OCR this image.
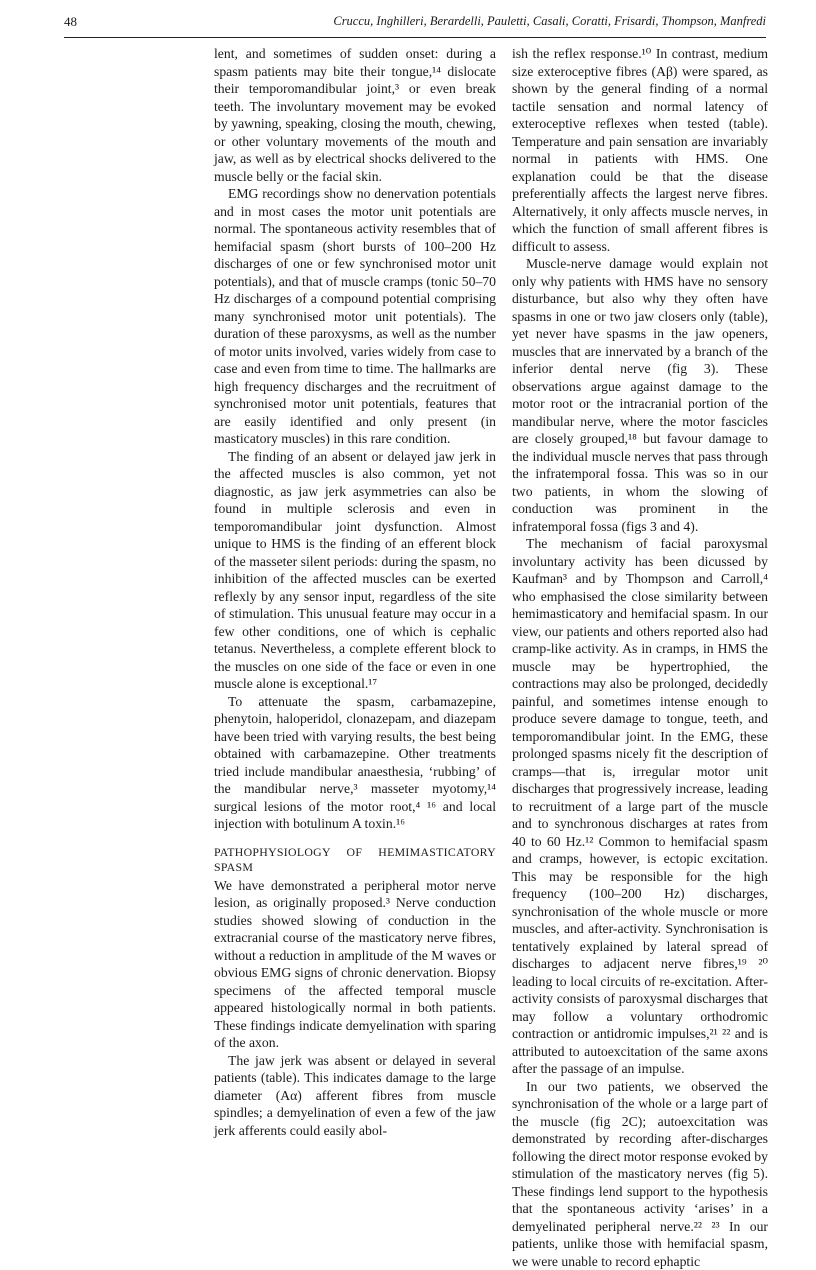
48	Cruccu, Inghilleri, Berardelli, Pauletti, Casali, Coratti, Frisardi, Thompson, Manfredi

lent, and sometimes of sudden onset: during a spasm patients may bite their tongue,¹⁴ dislocate their temporomandibular joint,³ or even break teeth. The involuntary movement may be evoked by yawning, speaking, closing the mouth, chewing, or other voluntary movements of the mouth and jaw, as well as by electrical shocks delivered to the muscle belly or the facial skin.

EMG recordings show no denervation potentials and in most cases the motor unit potentials are normal. The spontaneous activity resembles that of hemifacial spasm (short bursts of 100–200 Hz discharges of one or few synchronised motor unit potentials), and that of muscle cramps (tonic 50–70 Hz discharges of a compound potential comprising many synchronised motor unit potentials). The duration of these paroxysms, as well as the number of motor units involved, varies widely from case to case and even from time to time. The hallmarks are high frequency discharges and the recruitment of synchronised motor unit potentials, features that are easily identified and only present (in masticatory muscles) in this rare condition.

The finding of an absent or delayed jaw jerk in the affected muscles is also common, yet not diagnostic, as jaw jerk asymmetries can also be found in multiple sclerosis and even in temporomandibular joint dysfunction. Almost unique to HMS is the finding of an efferent block of the masseter silent periods: during the spasm, no inhibition of the affected muscles can be exerted reflexly by any sensor input, regardless of the site of stimulation. This unusual feature may occur in a few other conditions, one of which is cephalic tetanus. Nevertheless, a complete efferent block to the muscles on one side of the face or even in one muscle alone is exceptional.¹⁷

To attenuate the spasm, carbamazepine, phenytoin, haloperidol, clonazepam, and diazepam have been tried with varying results, the best being obtained with carbamazepine. Other treatments tried include mandibular anaesthesia, ‘rubbing’ of the mandibular nerve,³ masseter myotomy,¹⁴ surgical lesions of the motor root,⁴ ¹⁶ and local injection with botulinum A toxin.¹⁶

PATHOPHYSIOLOGY OF HEMIMASTICATORY SPASM

We have demonstrated a peripheral motor nerve lesion, as originally proposed.³ Nerve conduction studies showed slowing of conduction in the extracranial course of the masticatory nerve fibres, without a reduction in amplitude of the M waves or obvious EMG signs of chronic denervation. Biopsy specimens of the affected temporal muscle appeared histologically normal in both patients. These findings indicate demyelination with sparing of the axon.

The jaw jerk was absent or delayed in several patients (table). This indicates damage to the large diameter (Aα) afferent fibres from muscle spindles; a demyelination of even a few of the jaw jerk afferents could easily abol-

ish the reflex response.¹⁰ In contrast, medium size exteroceptive fibres (Aβ) were spared, as shown by the general finding of a normal tactile sensation and normal latency of exteroceptive reflexes when tested (table). Temperature and pain sensation are invariably normal in patients with HMS. One explanation could be that the disease preferentially affects the largest nerve fibres. Alternatively, it only affects muscle nerves, in which the function of small afferent fibres is difficult to assess.

Muscle-nerve damage would explain not only why patients with HMS have no sensory disturbance, but also why they often have spasms in one or two jaw closers only (table), yet never have spasms in the jaw openers, muscles that are innervated by a branch of the inferior dental nerve (fig 3). These observations argue against damage to the motor root or the intracranial portion of the mandibular nerve, where the motor fascicles are closely grouped,¹⁸ but favour damage to the individual muscle nerves that pass through the infratemporal fossa. This was so in our two patients, in whom the slowing of conduction was prominent in the infratemporal fossa (figs 3 and 4).

The mechanism of facial paroxysmal involuntary activity has been dicussed by Kaufman³ and by Thompson and Carroll,⁴ who emphasised the close similarity between hemimasticatory and hemifacial spasm. In our view, our patients and others reported also had cramp-like activity. As in cramps, in HMS the muscle may be hypertrophied, the contractions may also be prolonged, decidedly painful, and sometimes intense enough to produce severe damage to tongue, teeth, and temporomandibular joint. In the EMG, these prolonged spasms nicely fit the description of cramps—that is, irregular motor unit discharges that progressively increase, leading to recruitment of a large part of the muscle and to synchronous discharges at rates from 40 to 60 Hz.¹² Common to hemifacial spasm and cramps, however, is ectopic excitation. This may be responsible for the high frequency (100–200 Hz) discharges, synchronisation of the whole muscle or more muscles, and after-activity. Synchronisation is tentatively explained by lateral spread of discharges to adjacent nerve fibres,¹⁹ ²⁰ leading to local circuits of re-excitation. After-activity consists of paroxysmal discharges that may follow a voluntary orthodromic contraction or antidromic impulses,²¹ ²² and is attributed to autoexcitation of the same axons after the passage of an impulse.

In our two patients, we observed the synchronisation of the whole or a large part of the muscle (fig 2C); autoexcitation was demonstrated by recording after-discharges following the direct motor response evoked by stimulation of the masticatory nerves (fig 5). These findings lend support to the hypothesis that the spontaneous activity ‘arises’ in a demyelinated peripheral nerve.²² ²³ In our patients, unlike those with hemifacial spasm, we were unable to record ephaptic
